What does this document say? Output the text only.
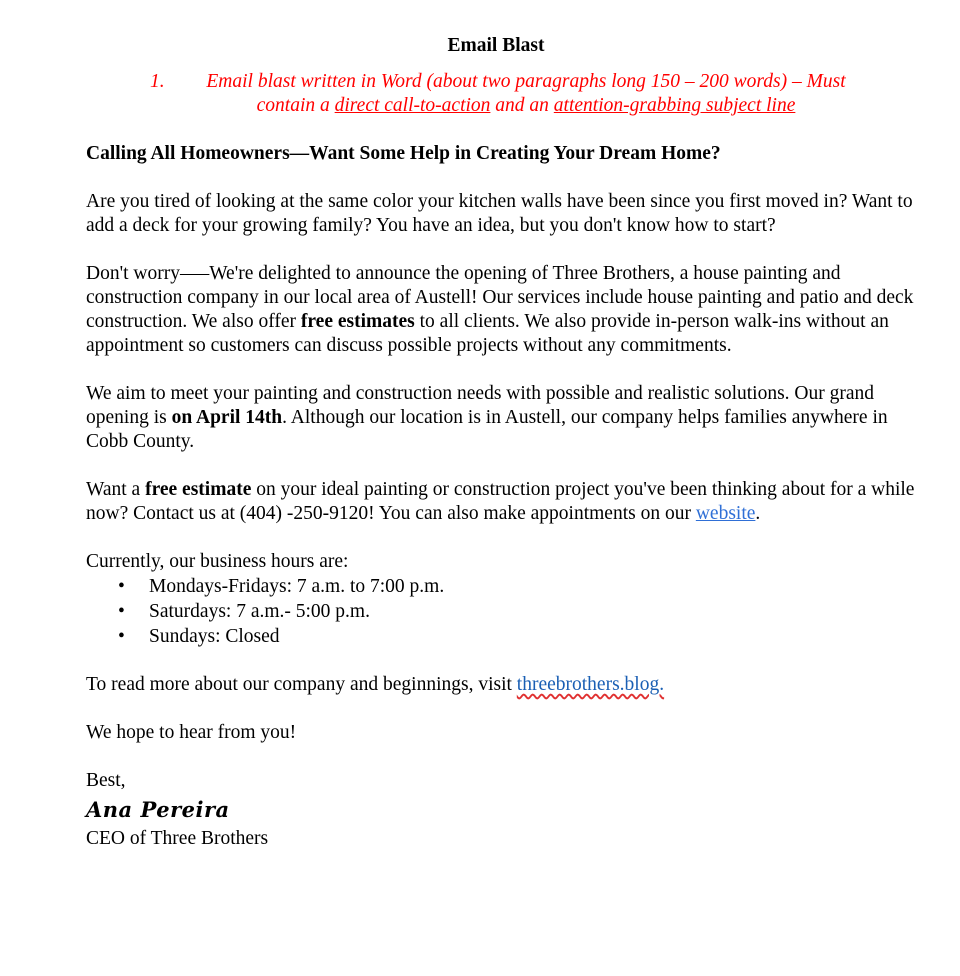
Email Blast
1.	Email blast written in Word (about two paragraphs long 150 – 200 words) – Must contain a direct call-to-action and an attention-grabbing subject line
Calling All Homeowners—Want Some Help in Creating Your Dream Home?

Are you tired of looking at the same color your kitchen walls have been since you first moved in? Want to add a deck for your growing family? You have an idea, but you don't know how to start?

Don't worry—–We're delighted to announce the opening of Three Brothers, a house painting and construction company in our local area of Austell! Our services include house painting and patio and deck construction. We also offer free estimates to all clients. We also provide in-person walk-ins without an appointment so customers can discuss possible projects without any commitments.

We aim to meet your painting and construction needs with possible and realistic solutions. Our grand opening is on April 14th. Although our location is in Austell, our company helps families anywhere in Cobb County.

Want a free estimate on your ideal painting or construction project you've been thinking about for a while now? Contact us at (404) -250-9120! You can also make appointments on our website.

Currently, our business hours are:
• Mondays-Fridays: 7 a.m. to 7:00 p.m.
• Saturdays: 7 a.m.- 5:00 p.m.
• Sundays: Closed

To read more about our company and beginnings, visit threebrothers.blog.

We hope to hear from you!

Best,
Ana Pereira
CEO of Three Brothers
